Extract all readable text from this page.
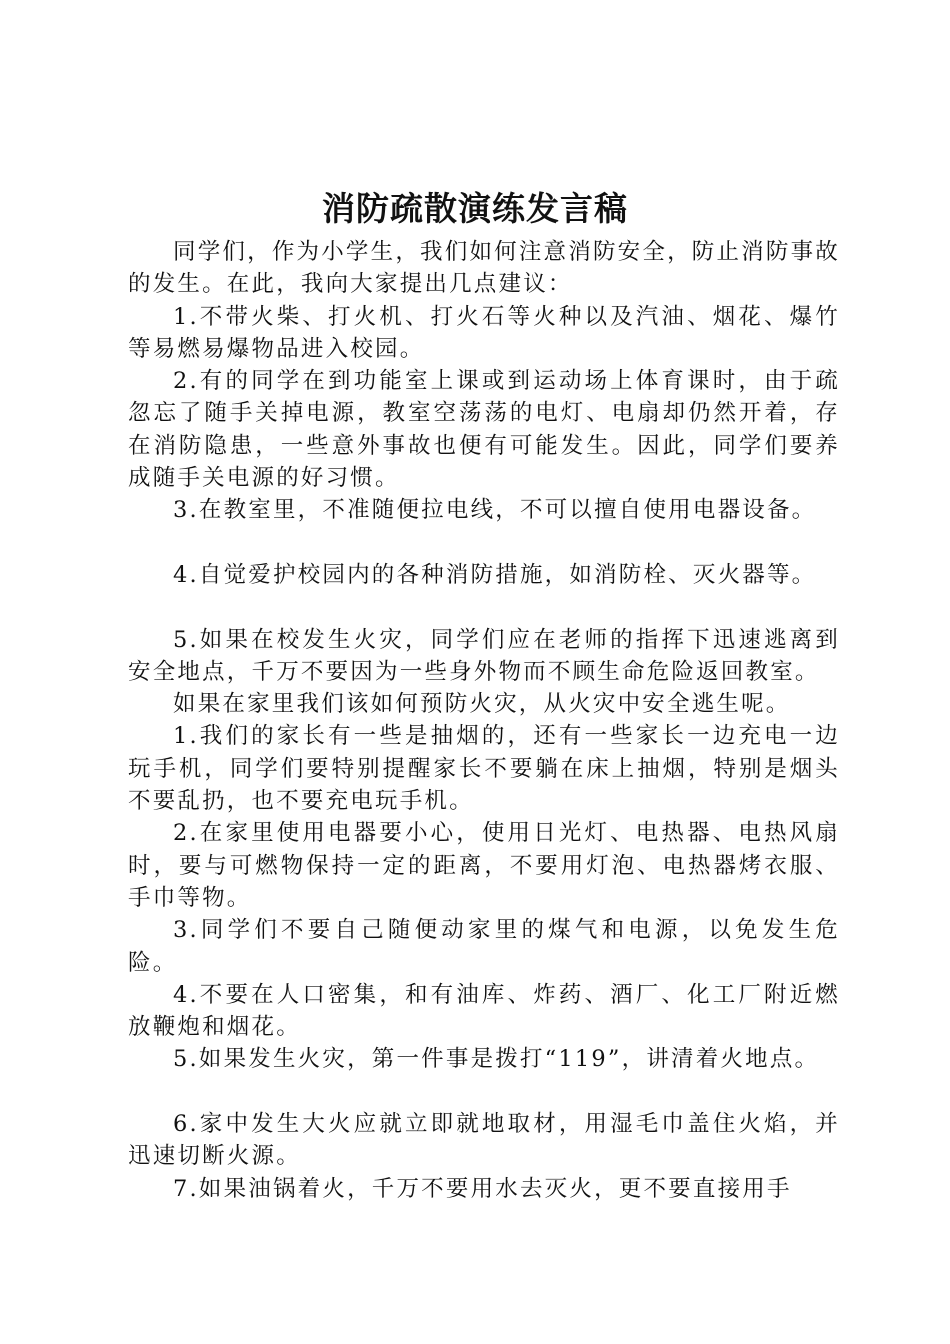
消防疏散演练发言稿

同学们，作为小学生，我们如何注意消防安全，防止消防事故的发生。在此，我向大家提出几点建议：

1.不带火柴、打火机、打火石等火种以及汽油、烟花、爆竹等易燃易爆物品进入校园。

2.有的同学在到功能室上课或到运动场上体育课时，由于疏忽忘了随手关掉电源，教室空荡荡的电灯、电扇却仍然开着，存在消防隐患，一些意外事故也便有可能发生。因此，同学们要养成随手关电源的好习惯。

3.在教室里，不准随便拉电线，不可以擅自使用电器设备。

4.自觉爱护校园内的各种消防措施，如消防栓、灭火器等。

5.如果在校发生火灾，同学们应在老师的指挥下迅速逃离到安全地点，千万不要因为一些身外物而不顾生命危险返回教室。

如果在家里我们该如何预防火灾，从火灾中安全逃生呢。

1.我们的家长有一些是抽烟的，还有一些家长一边充电一边玩手机，同学们要特别提醒家长不要躺在床上抽烟，特别是烟头不要乱扔，也不要充电玩手机。

2.在家里使用电器要小心，使用日光灯、电热器、电热风扇时，要与可燃物保持一定的距离，不要用灯泡、电热器烤衣服、手巾等物。

3.同学们不要自己随便动家里的煤气和电源，以免发生危险。

4.不要在人口密集，和有油库、炸药、酒厂、化工厂附近燃放鞭炮和烟花。

5.如果发生火灾，第一件事是拨打“119”，讲清着火地点。

6.家中发生大火应就立即就地取材，用湿毛巾盖住火焰，并迅速切断火源。

7.如果油锅着火，千万不要用水去灭火，更不要直接用手
